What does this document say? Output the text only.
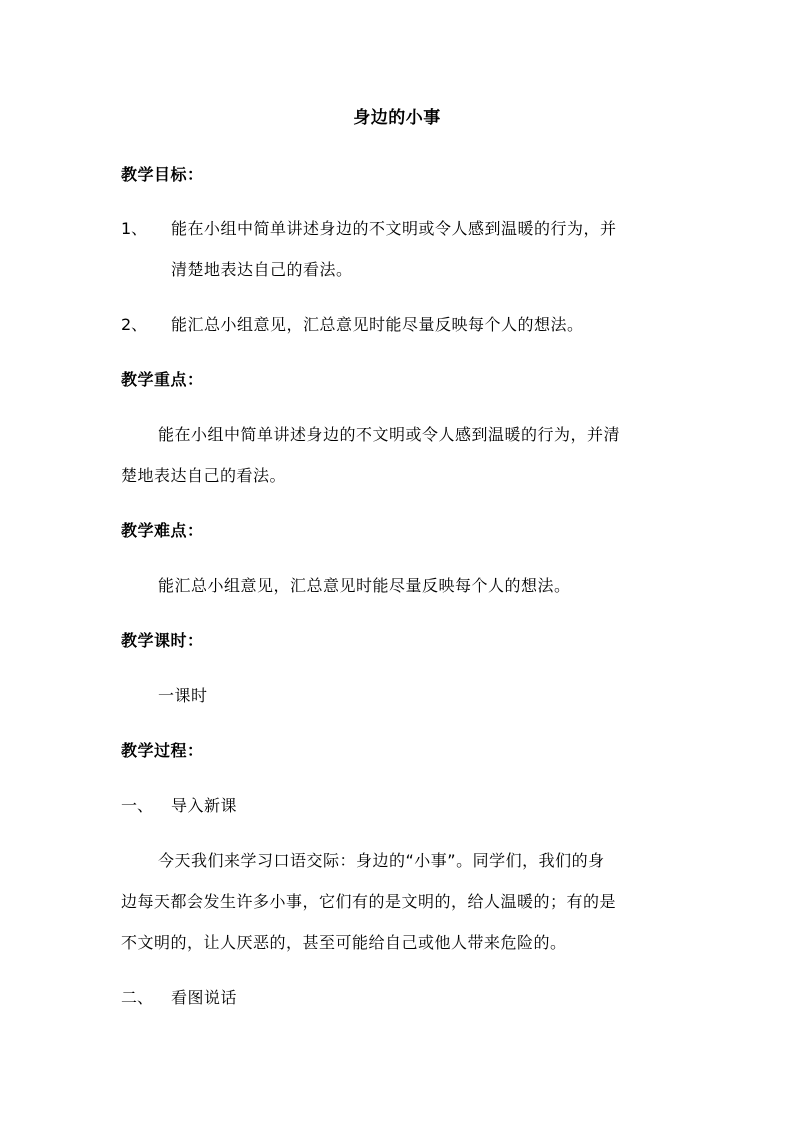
身边的小事
教学目标：
1、 能在小组中简单讲述身边的不文明或令人感到温暖的行为，并
清楚地表达自己的看法。
2、 能汇总小组意见，汇总意见时能尽量反映每个人的想法。
教学重点：
能在小组中简单讲述身边的不文明或令人感到温暖的行为，并清
楚地表达自己的看法。
教学难点：
能汇总小组意见，汇总意见时能尽量反映每个人的想法。
教学课时：
一课时
教学过程：
一、 导入新课
今天我们来学习口语交际：身边的“小事”。同学们，我们的身
边每天都会发生许多小事，它们有的是文明的，给人温暖的；有的是
不文明的，让人厌恶的，甚至可能给自己或他人带来危险的。
二、 看图说话
